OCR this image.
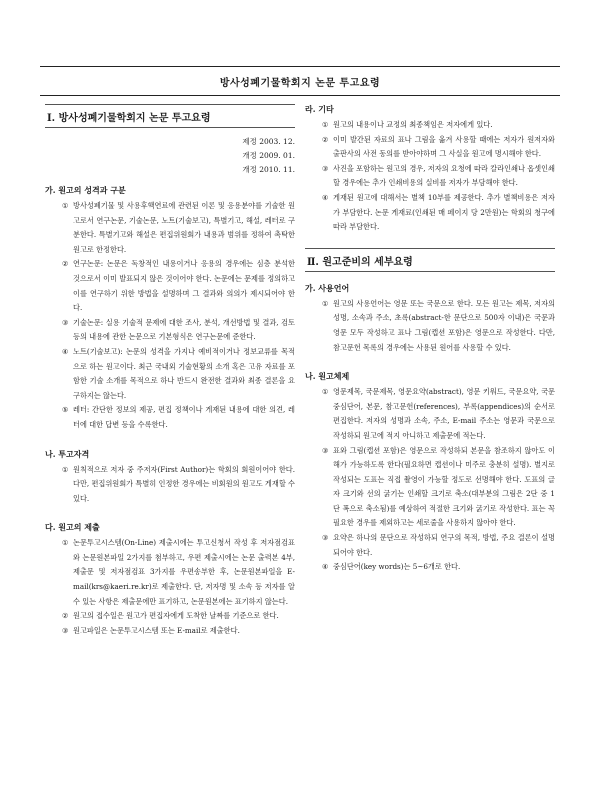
방사성폐기물학회지 논문 투고요령
Ⅰ. 방사성폐기물학회지 논문 투고요령
제정 2003. 12.
개정 2009. 01.
개정 2010. 11.
가. 원고의 성격과 구분
① 방사성폐기물 및 사용후핵연료에 관련된 이론 및 응용분야를 기술한 원고로서 연구논문, 기술논문, 노트(기술보고), 특별기고, 해설, 레터로 구분한다. 특별기고와 해설은 편집위원회가 내용과 범위를 정하여 촉탁한 원고로 한정한다.
② 연구논문: 논문은 독창적인 내용이거나 응용의 경우에는 심층 분석한 것으로서 이미 발표되지 않은 것이어야 한다. 논문에는 문제를 정의하고 이를 연구하기 위한 방법을 설명하며 그 결과와 의의가 제시되어야 한다.
③ 기술논문: 실용 기술적 문제에 대한 조사, 분석, 개선방법 및 결과, 검토 등의 내용에 관한 논문으로 기본형식은 연구논문에 준한다.
④ 노트(기술보고): 논문의 성격을 가지나 예비적이거나 정보교류를 목적으로 하는 원고이다. 최근 국내외 기술현황의 소개 혹은 고유 자료를 포함한 기술 소개를 목적으로 하나 반드시 완전한 결과와 최종 결론을 요구하지는 않는다.
⑤ 레터: 간단한 정보의 제공, 편집 정책이나 게재된 내용에 대한 의견, 레터에 대한 답변 등을 수록한다.
나. 투고자격
① 원칙적으로 저자 중 주저자(First Author)는 학회의 회원이어야 한다. 다만, 편집위원회가 특별히 인정한 경우에는 비회원의 원고도 게재할 수 있다.
다. 원고의 제출
① 논문투고시스템(On-Line) 제출시에는 투고신청서 작성 후 저자점검표와 논문원본파일 2가지를 첨부하고, 우편 제출시에는 논문 출력본 4부, 제출문 및 저자점검표 3가지를 우편송부한 후, 논문원본파일을 E-mail(krs@kaeri.re.kr)로 제출한다. 단, 저자명 및 소속 등 저자를 알 수 있는 사항은 제출문에만 표기하고, 논문원본에는 표기하지 않는다.
② 원고의 접수일은 원고가 편집자에게 도착한 날짜를 기준으로 한다.
③ 원고파일은 논문투고시스템 또는 E-mail로 제출한다.
라. 기타
① 원고의 내용이나 교정의 최종책임은 저자에게 있다.
② 이미 발간된 자료의 표나 그림을 옮겨 사용할 때에는 저자가 원저자와 출판사의 사전 동의를 받아야하며 그 사실을 원고에 명시해야 한다.
③ 사진을 포함하는 원고의 경우, 저자의 요청에 따라 칼라인쇄나 옵셋인쇄 할 경우에는 추가 인쇄비용의 실비를 저자가 부담해야 한다.
④ 게재된 원고에 대해서는 별책 10부를 제공한다. 추가 별책비용은 저자가 부담한다. 논문 게재료(인쇄된 매 페이지 당 2만원)는 학회의 청구에 따라 부담한다.
Ⅱ. 원고준비의 세부요령
가. 사용언어
① 원고의 사용언어는 영문 또는 국문으로 한다. 모든 원고는 제목, 저자의 성명, 소속과 주소, 초록(abstract-한 문단으로 500자 이내)은 국문과 영문 모두 작성하고 표나 그림(캡션 포함)은 영문으로 작성한다. 다만, 참고문헌 목록의 경우에는 사용된 원어를 사용할 수 있다.
나. 원고체제
① 영문제목, 국문제목, 영문요약(abstract), 영문 키워드, 국문요약, 국문 중심단어, 본문, 참고문헌(references), 부록(appendices)의 순서로 편집한다. 저자의 성명과 소속, 주소, E-mail 주소는 영문과 국문으로 작성하되 원고에 적지 아니하고 제출문에 적는다.
③ 표와 그림(캡션 포함)은 영문으로 작성하되 본문을 참조하지 않아도 이해가 가능하도록 한다(필요하면 캡션이나 미주로 충분히 설명). 별지로 작성되는 도표는 직접 촬영이 가능할 정도로 선명해야 한다. 도표의 글자 크기와 선의 굵기는 인쇄할 크기로 축소(대부분의 그림은 2단 중 1단 폭으로 축소됨)를 예상하여 적절한 크기와 굵기로 작성한다. 표는 꼭 필요한 경우를 제외하고는 세로줄을 사용하지 않아야 한다.
③ 요약은 하나의 문단으로 작성하되 연구의 목적, 방법, 주요 결론이 설명되어야 한다.
④ 중심단어(key words)는 5~6개로 한다.
